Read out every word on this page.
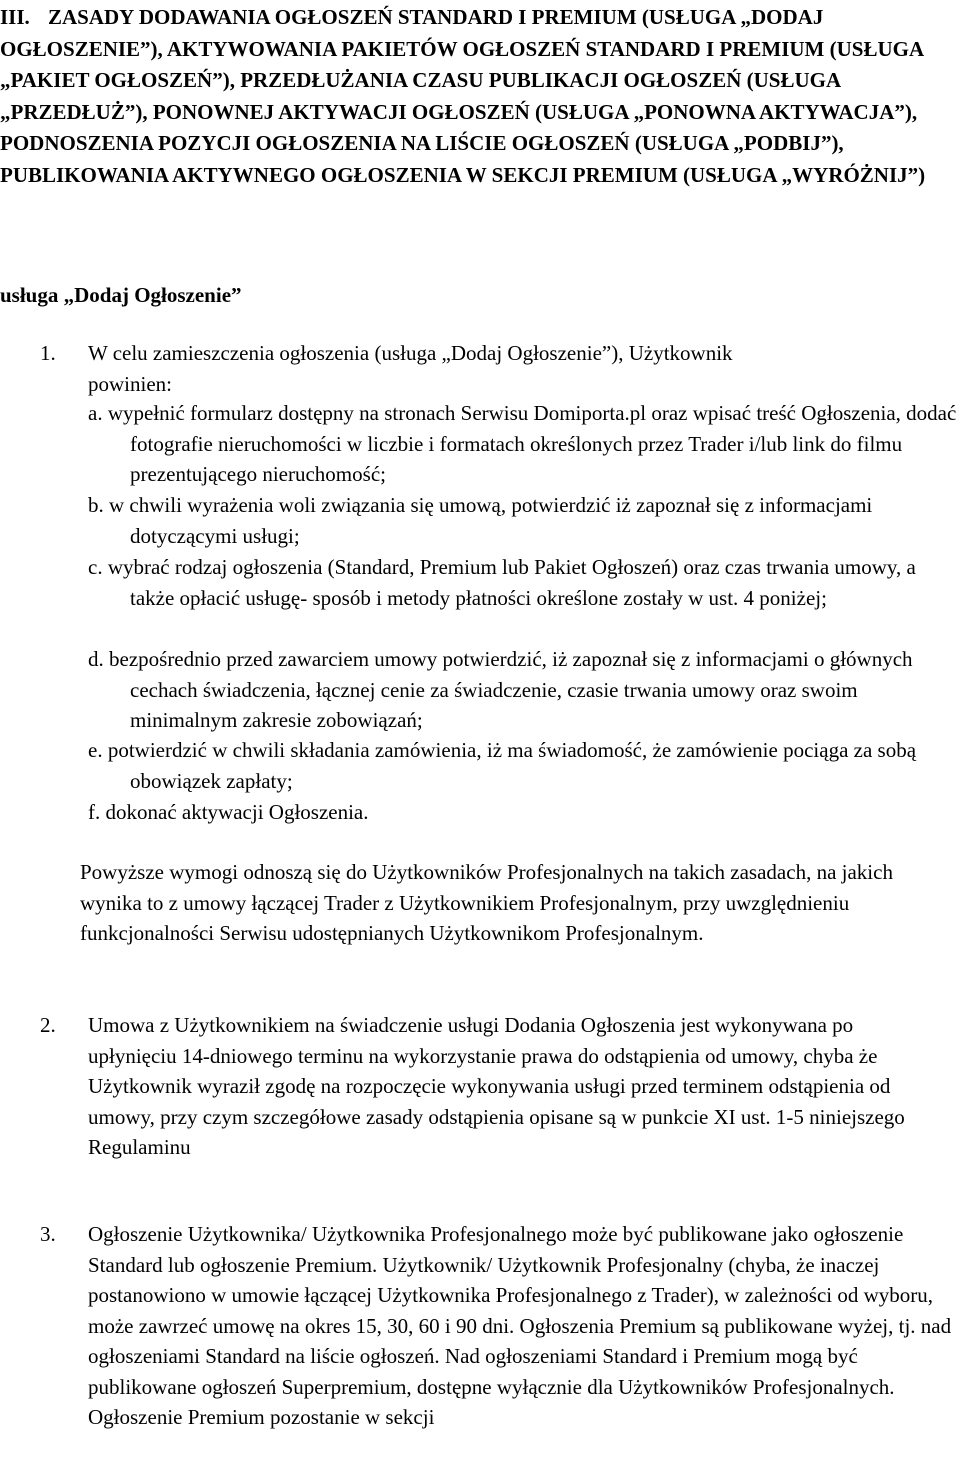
III. ZASADY DODAWANIA OGŁOSZEŃ STANDARD I PREMIUM (USŁUGA „DODAJ OGŁOSZENIE”), AKTYWOWANIA PAKIETÓW OGŁOSZEŃ STANDARD I PREMIUM (USŁUGA „PAKIET OGŁOSZEŃ”), PRZEDŁUŻANIA CZASU PUBLIKACJI OGŁOSZEŃ (USŁUGA „PRZEDŁUŻ”), PONOWNEJ AKTYWACJI OGŁOSZEŃ (USŁUGA „PONOWNA AKTYWACJA”), PODNOSZENIA POZYCJI OGŁOSZENIA NA LIŚCIE OGŁOSZEŃ (USŁUGA „PODBIJ”), PUBLIKOWANIA AKTYWNEGO OGŁOSZENIA W SEKCJI PREMIUM (USŁUGA „WYRÓŻNIJ”)
usługa „Dodaj Ogłoszenie”
1. W celu zamieszczenia ogłoszenia (usługa „Dodaj Ogłoszenie”), Użytkownik
powinien:
a. wypełnić formularz dostępny na stronach Serwisu Domiporta.pl oraz wpisać treść Ogłoszenia, dodać fotografie nieruchomości w liczbie i formatach określonych przez Trader i/lub link do filmu prezentującego nieruchomość;
b. w chwili wyrażenia woli związania się umową, potwierdzić iż zapoznał się z informacjami dotyczącymi usługi;
c. wybrać rodzaj ogłoszenia (Standard, Premium lub Pakiet Ogłoszeń) oraz czas trwania umowy, a także opłacić usługę- sposób i metody płatności określone zostały w ust. 4 poniżej;
d. bezpośrednio przed zawarciem umowy potwierdzić, iż zapoznał się z informacjami o głównych cechach świadczenia, łącznej cenie za świadczenie, czasie trwania umowy oraz swoim minimalnym zakresie zobowiązań;
e. potwierdzić w chwili składania zamówienia, iż ma świadomość, że zamówienie pociąga za sobą obowiązek zapłaty;
f. dokonać aktywacji Ogłoszenia.

Powyższe wymogi odnoszą się do Użytkowników Profesjonalnych na takich zasadach, na jakich wynika to z umowy łączącej Trader z Użytkownikiem Profesjonalnym, przy uwzględnieniu funkcjonalności Serwisu udostępnianych Użytkownikom Profesjonalnym.

2. Umowa z Użytkownikiem na świadczenie usługi Dodania Ogłoszenia jest wykonywana po upłynięciu 14-dniowego terminu na wykorzystanie prawa do odstąpienia od umowy, chyba że Użytkownik wyraził zgodę na rozpoczęcie wykonywania usługi przed terminem odstąpienia od umowy, przy czym szczegółowe zasady odstąpienia opisane są w punkcie XI ust. 1-5 niniejszego Regulaminu
3. Ogłoszenie Użytkownika/ Użytkownika Profesjonalnego może być publikowane jako ogłoszenie Standard lub ogłoszenie Premium. Użytkownik/ Użytkownik Profesjonalny (chyba, że inaczej postanowiono w umowie łączącej Użytkownika Profesjonalnego z Trader), w zależności od wyboru, może zawrzeć umowę na okres 15, 30, 60 i 90 dni. Ogłoszenia Premium są publikowane wyżej, tj. nad ogłoszeniami Standard na liście ogłoszeń. Nad ogłoszeniami Standard i Premium mogą być publikowane ogłoszeń Superpremium, dostępne wyłącznie dla Użytkowników Profesjonalnych. Ogłoszenie Premium pozostanie w sekcji
